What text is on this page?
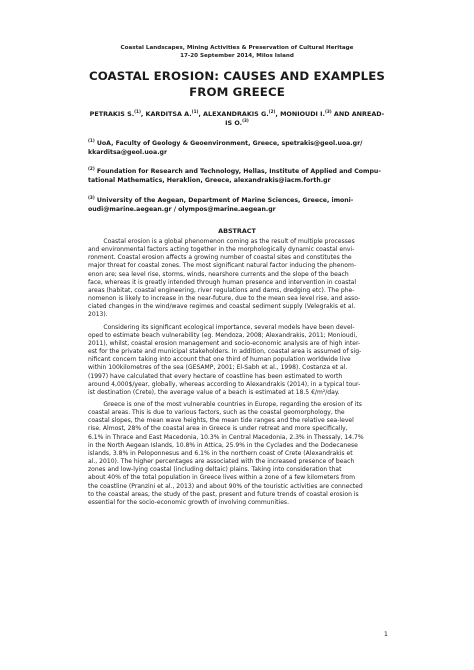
Coastal Landscapes, Mining Activities & Preservation of Cultural Heritage
17-20 September 2014, Milos Island
COASTAL EROSION: CAUSES AND EXAMPLES
FROM GREECE
PETRAKIS S.$^{(1)}$, KARDITSA A.$^{(1)}$, ALEXANDRAKIS G.$^{(2)}$, MONIOUDI I.$^{(3)}$ AND ANREAD-
IS O.$^{(3)}$
$^{(1)}$ UoA, Faculty of Geology & Geoenvironment, Greece, spetrakis@geol.uoa.gr/
kkarditsa@geol.uoa.gr
$^{(2)}$ Foundation for Research and Technology, Hellas, Institute of Applied and Compu-
tational Mathematics, Heraklion, Greece, alexandrakis@iacm.forth.gr
$^{(3)}$ University of the Aegean, Department of Marine Sciences, Greece, imoni-
oudi@marine.aegean.gr / olympos@marine.aegean.gr
ABSTRACT
Coastal erosion is a global phenomenon coming as the result of multiple processes
and environmental factors acting together in the morphologically dynamic coastal envi-
ronment. Coastal erosion affects a growing number of coastal sites and constitutes the
major threat for coastal zones. The most significant natural factor inducing the phenom-
enon are; sea level rise, storms, winds, nearshore currents and the slope of the beach
face, whereas it is greatly intended through human presence and intervention in coastal
areas (habitat, coastal engineering, river regulations and dams, dredging etc). The phe-
nomenon is likely to increase in the near-future, due to the mean sea level rise, and asso-
ciated changes in the wind/wave regimes and coastal sediment supply (Velegrakis et al.
2013).
Considering its significant ecological importance, several models have been devel-
oped to estimate beach vulnerability (eg. Mendoza, 2008; Alexandrakis, 2011; Monioudi,
2011), whilst, coastal erosion management and socio-economic analysis are of high inter-
est for the private and municipal stakeholders. In addition, coastal area is assumed of sig-
nificant concern taking into account that one third of human population worldwide live
within 100kilometres of the sea (GESAMP, 2001; El-Sabh et al., 1998). Costanza et al.
(1997) have calculated that every hectare of coastline has been estimated to worth
around 4,000$/year, globally, whereas according to Alexandrakis (2014), in a typical tour-
ist destination (Crete), the average value of a beach is estimated at 18.5 €/m²/day.
Greece is one of the most vulnerable countries in Europe, regarding the erosion of its
coastal areas. This is due to various factors, such as the coastal geomorphology, the
coastal slopes, the mean wave heights, the mean tide ranges and the relative sea-level
rise. Almost, 28% of the coastal area in Greece is under retreat and more specifically,
6.1% in Thrace and East Macedonia, 10.3% in Central Macedonia, 2.3% in Thessaly, 14.7%
in the North Aegean Islands, 10.8% in Attica, 25.9% in the Cyclades and the Dodecanese
islands, 3.8% in Peloponnesus and 6.1% in the northern coast of Crete (Alexandrakis et
al., 2010). The higher percentages are associated with the increased presence of beach
zones and low-lying coastal (including deltaic) plains. Taking into consideration that
about 40% of the total population in Greece lives within a zone of a few kilometers from
the coastline (Pranzini et al., 2013) and about 90% of the touristic activities are connected
to the coastal areas, the study of the past, present and future trends of coastal erosion is
essential for the socio-economic growth of involving communities.
1
